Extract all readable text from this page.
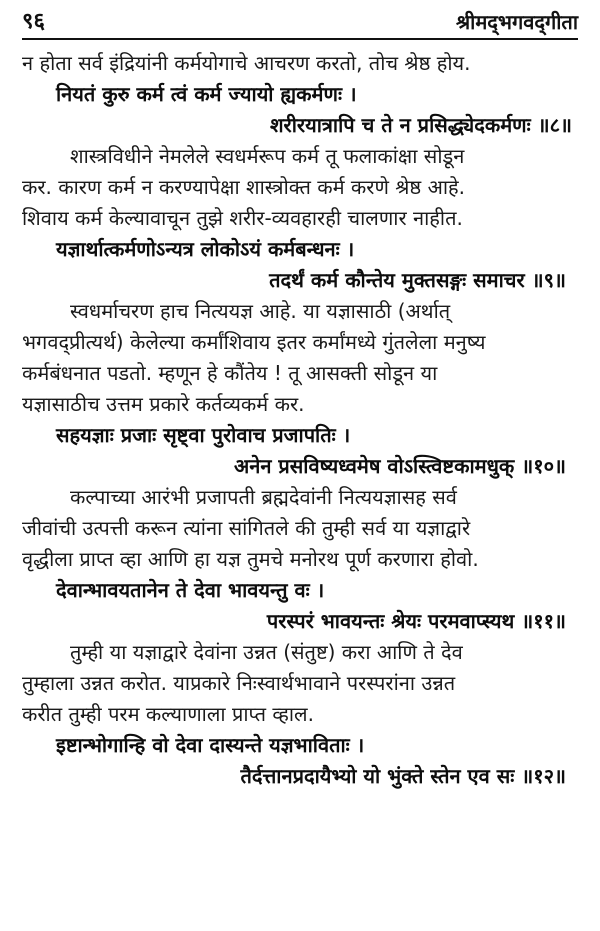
९६	श्रीमद्‌भगवद्‌गीता

न होता सर्व इंद्रियांनी कर्मयोगाचे आचरण करतो, तोच श्रेष्ठ होय.

नियतं कुरु कर्म त्वं कर्म ज्यायो ह्यकर्मणः ।

शरीरयात्रापि च ते न प्रसिद्ध्येदकर्मणः ॥८॥

शास्त्रविधीने नेमलेले स्वधर्मरूप कर्म तू फलाकांक्षा सोडून

कर. कारण कर्म न करण्यापेक्षा शास्त्रोक्त कर्म करणे श्रेष्ठ आहे.

शिवाय कर्म केल्यावाचून तुझे शरीर-व्यवहारही चालणार नाहीत.

यज्ञार्थात्कर्मणोऽन्यत्र लोकोऽयं कर्मबन्धनः ।

तदर्थं कर्म कौन्तेय मुक्तसङ्गः समाचर ॥९॥

स्वधर्माचरण हाच नित्ययज्ञ आहे. या यज्ञासाठी (अर्थात्

भगवद्‌प्रीत्यर्थ) केलेल्या कर्मांशिवाय इतर कर्मांमध्ये गुंतलेला मनुष्य

कर्मबंधनात पडतो. म्हणून हे कौंतेय ! तू आसक्ती सोडून या

यज्ञासाठीच उत्तम प्रकारे कर्तव्यकर्म कर.

सहयज्ञाः प्रजाः सृष्ट्वा पुरोवाच प्रजापतिः ।

अनेन प्रसविष्यध्वमेष वोऽस्त्विष्टकामधुक् ॥१०॥

कल्पाच्या आरंभी प्रजापती ब्रह्मदेवांनी नित्ययज्ञासह सर्व

जीवांची उत्पत्ती करून त्यांना सांगितले की तुम्ही सर्व या यज्ञाद्वारे

वृद्धीला प्राप्त व्हा आणि हा यज्ञ तुमचे मनोरथ पूर्ण करणारा होवो.

देवान्भावयतानेन ते देवा भावयन्तु वः ।

परस्परं भावयन्तः श्रेयः परमवाप्स्यथ ॥११॥

तुम्ही या यज्ञाद्वारे देवांना उन्नत (संतुष्ट) करा आणि ते देव

तुम्हाला उन्नत करोत. याप्रकारे निःस्वार्थभावाने परस्परांना उन्नत

करीत तुम्ही परम कल्याणाला प्राप्त व्हाल.

इष्टान्भोगान्हि वो देवा दास्यन्ते यज्ञभाविताः ।

तैर्दत्तानप्रदायैभ्यो यो भुंक्ते स्तेन एव सः ॥१२॥
